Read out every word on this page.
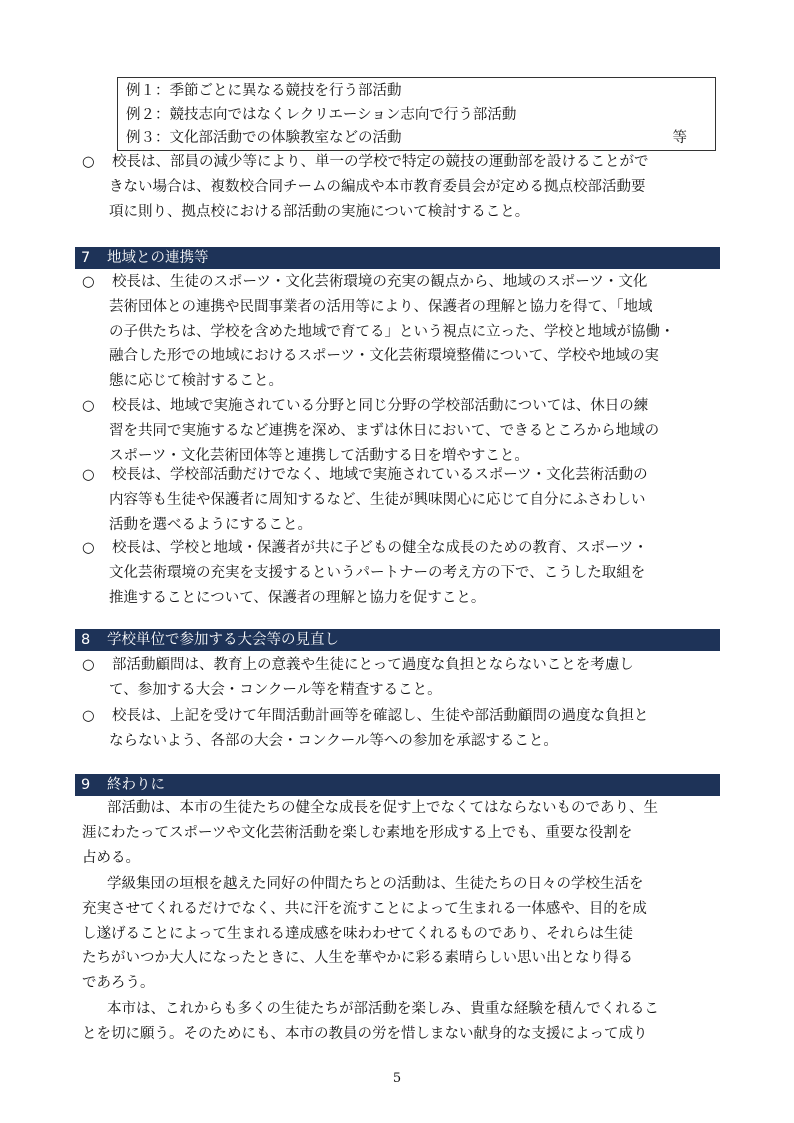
例１：季節ごとに異なる競技を行う部活動
例２：競技志向ではなくレクリエーション志向で行う部活動
例３：文化部活動での体験教室などの活動	等
○ 校長は、部員の減少等により、単一の学校で特定の競技の運動部を設けることがで
きない場合は、複数校合同チームの編成や本市教育委員会が定める拠点校部活動要
項に則り、拠点校における部活動の実施について検討すること。
7 地域との連携等
○ 校長は、生徒のスポーツ・文化芸術環境の充実の観点から、地域のスポーツ・文化
芸術団体との連携や民間事業者の活用等により、保護者の理解と協力を得て、「地域
の子供たちは、学校を含めた地域で育てる」という視点に立った、学校と地域が協働・
融合した形での地域におけるスポーツ・文化芸術環境整備について、学校や地域の実
態に応じて検討すること。
○ 校長は、地域で実施されている分野と同じ分野の学校部活動については、休日の練
習を共同で実施するなど連携を深め、まずは休日において、できるところから地域の
スポーツ・文化芸術団体等と連携して活動する日を増やすこと。
○ 校長は、学校部活動だけでなく、地域で実施されているスポーツ・文化芸術活動の
内容等も生徒や保護者に周知するなど、生徒が興味関心に応じて自分にふさわしい
活動を選べるようにすること。
○ 校長は、学校と地域・保護者が共に子どもの健全な成長のための教育、スポーツ・
文化芸術環境の充実を支援するというパートナーの考え方の下で、こうした取組を
推進することについて、保護者の理解と協力を促すこと。
8 学校単位で参加する大会等の見直し
○ 部活動顧問は、教育上の意義や生徒にとって過度な負担とならないことを考慮し
て、参加する大会・コンクール等を精査すること。
○ 校長は、上記を受けて年間活動計画等を確認し、生徒や部活動顧問の過度な負担と
ならないよう、各部の大会・コンクール等への参加を承認すること。
9 終わりに
部活動は、本市の生徒たちの健全な成長を促す上でなくてはならないものであり、生
涯にわたってスポーツや文化芸術活動を楽しむ素地を形成する上でも、重要な役割を
占める。
学級集団の垣根を越えた同好の仲間たちとの活動は、生徒たちの日々の学校生活を
充実させてくれるだけでなく、共に汗を流すことによって生まれる一体感や、目的を成
し遂げることによって生まれる達成感を味わわせてくれるものであり、それらは生徒
たちがいつか大人になったときに、人生を華やかに彩る素晴らしい思い出となり得る
であろう。
本市は、これからも多くの生徒たちが部活動を楽しみ、貴重な経験を積んでくれるこ
とを切に願う。そのためにも、本市の教員の労を惜しまない献身的な支援によって成り
5
